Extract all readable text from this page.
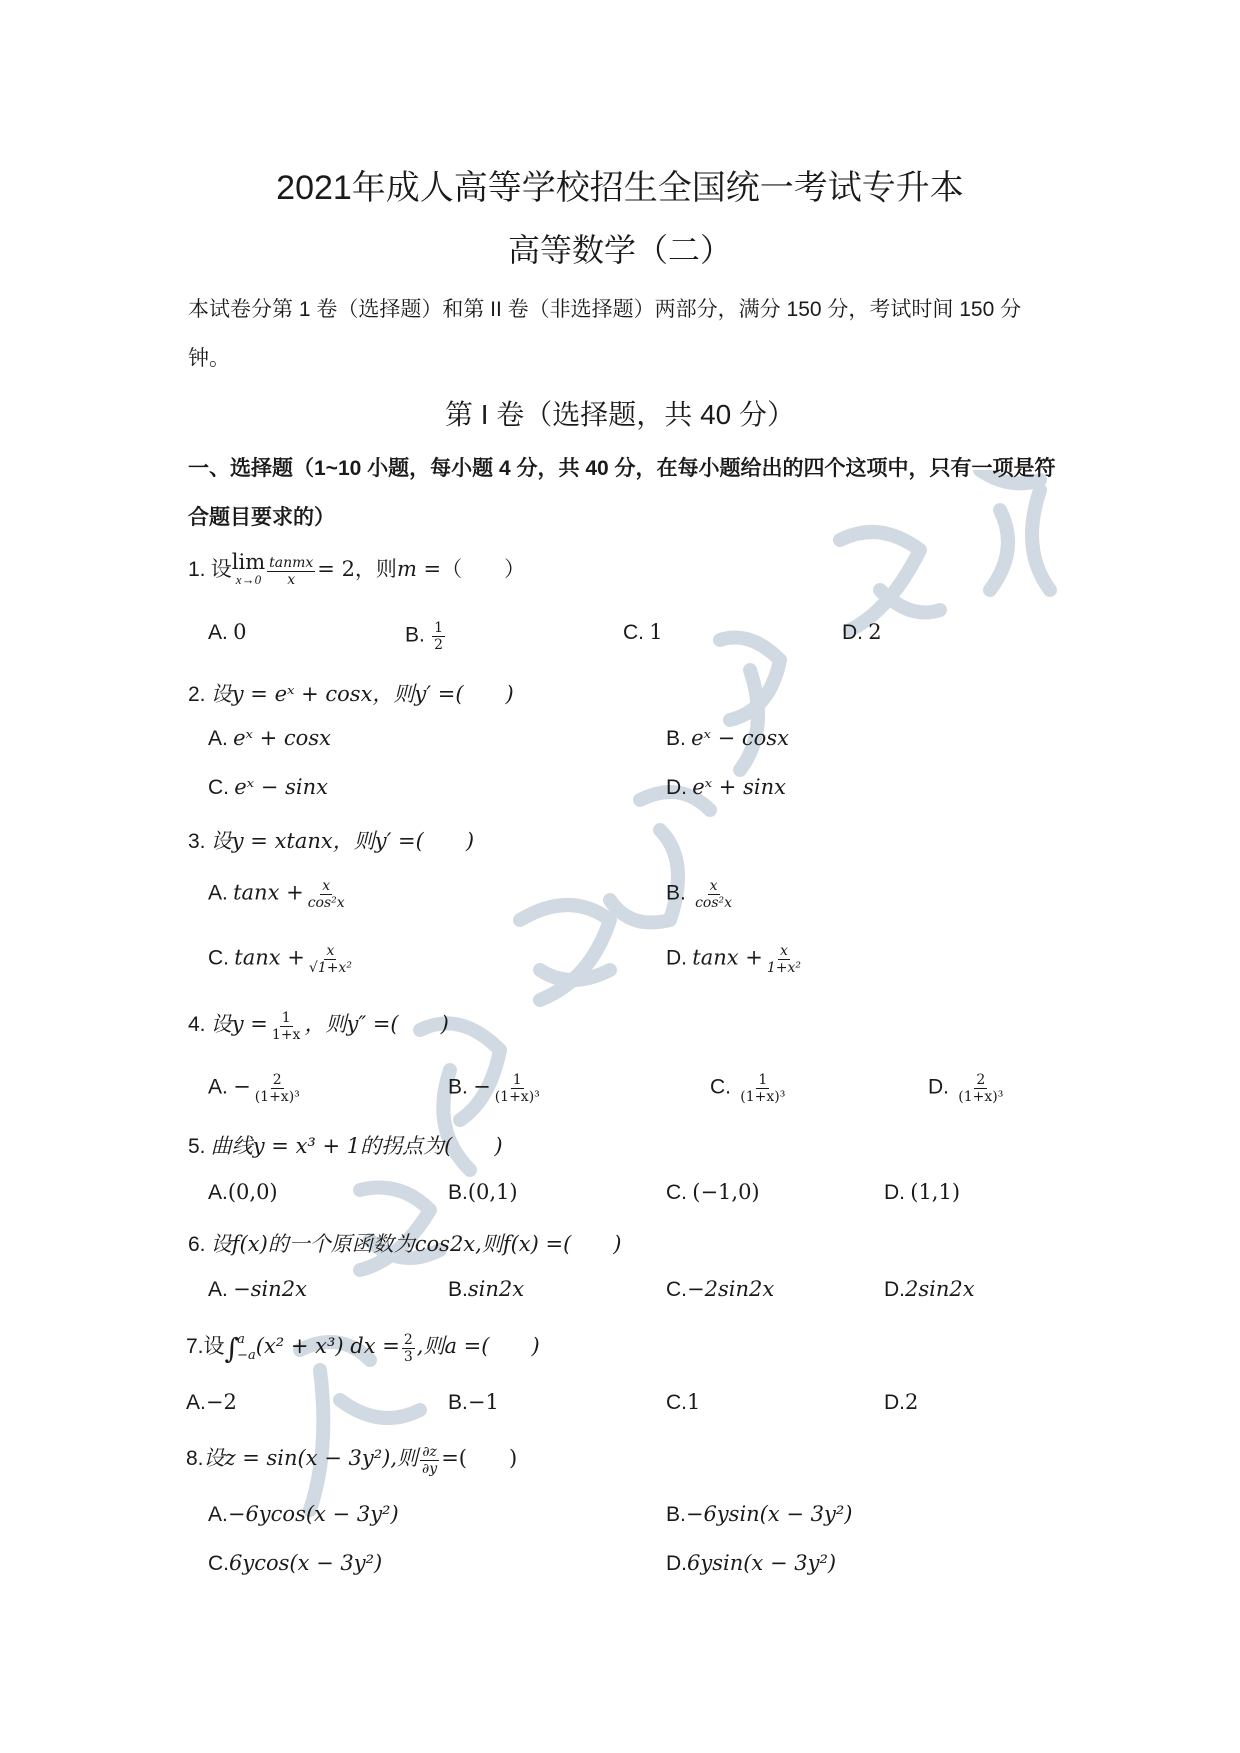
2021年成人高等学校招生全国统一考试专升本
高等数学（二）
本试卷分第 1 卷（选择题）和第 II 卷（非选择题）两部分，满分 150 分，考试时间 150 分钟。
第 I 卷（选择题，共 40 分）
一、选择题（1~10 小题，每小题 4 分，共 40 分，在每小题给出的四个这项中，只有一项是符合题目要求的）
1. 设 lim
$x\to 0 \frac{\text{tanmx}}{x} = 2$，则m =（　　）
A. 0	B. $\frac{1}{2}$	C. 1	D. 2
2. 设y = eˣ + cosx，则y′ =(　　)
A. eˣ + cosx	B. eˣ − cosx
C. eˣ − sinx	D. eˣ + sinx
3. 设y = xtanx，则y′ =(　　)
A. $\tan x + \frac{x}{\text{cos²x}}$	B. $\frac{x}{\text{cos²x}}$
C. $\tan x + \frac{x}{\text{√1+x²}}$	D. $\tan x + \frac{x}{\text{1+x²}}$
4. 设$y = \frac{1}{1+x}$ ，则y″ =(　　)
A. − $\frac{2}{\text{(1+x)³}}$	B. − $\frac{1}{\text{(1+x)³}}$	C. $\frac{1}{\text{(1+x)³}}$	D. $\frac{2}{\text{(1+x)³}}$
5. 曲线y = x³ + 1的拐点为(　　)
A.(0,0)	B.(0,1)	C. (−1,0)	D. (1,1)
6. 设f(x)的一个原函数为cos2x,则f(x) =(　　)
A. −sin2x	B.sin2x	C.−2sin2x	D.2sin2x
7.设 ∫
a
−a (x² + x³) dx = $\frac{2}{3}$ ,则a =(　　)
A.−2	B.−1	C.1	D.2
8.设z = sin(x − 3y²),则 $\frac{\partial z}{\partial y}$ =(　　)
A.−6ycos(x − 3y²)	B.−6ysin(x − 3y²)
C.6ycos(x − 3y²)	D.6ysin(x − 3y²)
